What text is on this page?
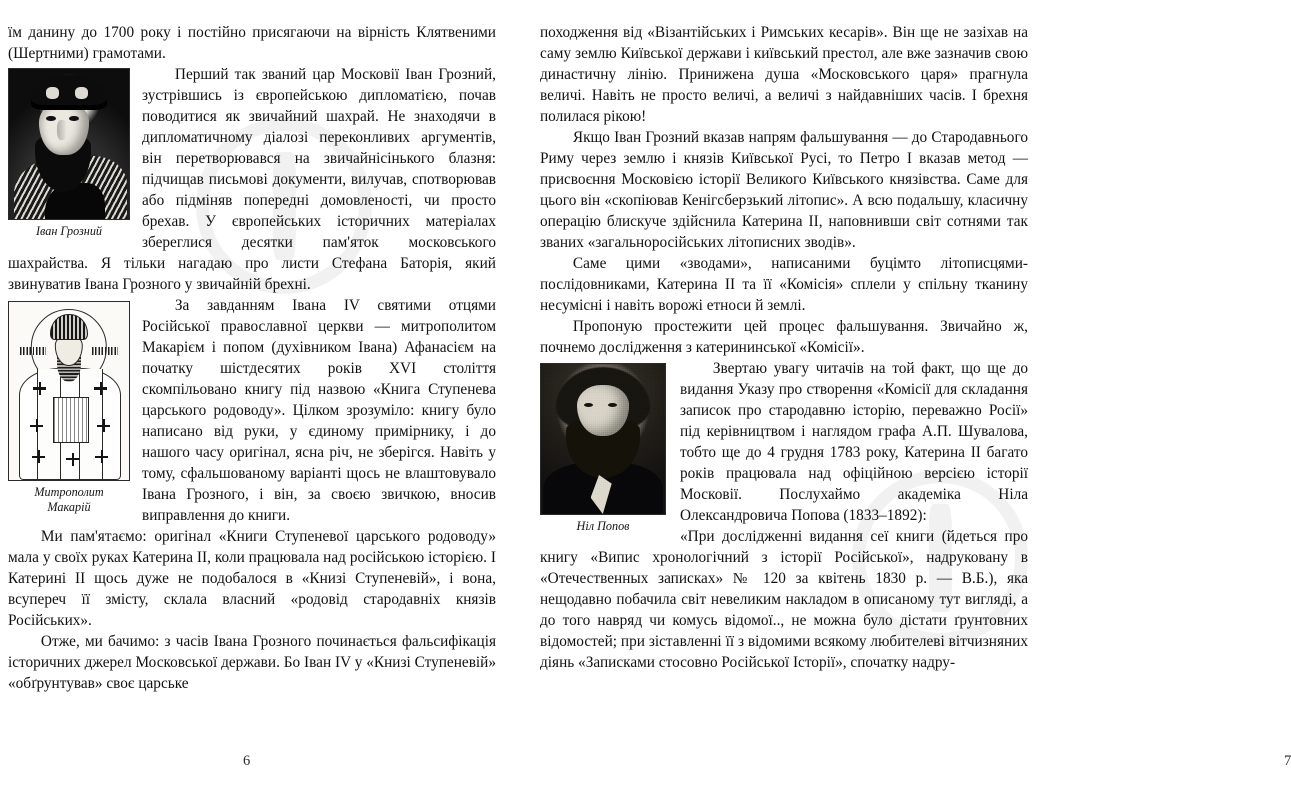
їм данину до 1700 року і постійно присягаючи на вірність Клятвеними (Шертними) грамотами.

Іван Грозний

Перший так званий цар Московії Іван Грозний, зустрівшись із європейською дипломатією, почав поводитися як звичайний шахрай. Не знаходячи в дипломатичному діалозі переконливих аргументів, він перетворювався на звичайнісінького блазня: підчищав письмові документи, вилучав, спотворював або підміняв попередні домовленості, чи просто брехав. У європейських історичних матеріалах збереглися десятки пам'яток московського шахрайства. Я тільки нагадаю про листи Стефана Баторія, який звинуватив Івана Грозного у звичайній брехні.

Митрополит
Макарій

За завданням Івана IV святими отцями Російської православної церкви — митрополитом Макарієм і попом (духівником Івана) Афанасієм на початку шістдесятих років XVI століття скомпільовано книгу під назвою «Книга Ступенева царського родоводу». Цілком зрозуміло: книгу було написано від руки, у єдиному примірнику, і до нашого часу оригінал, ясна річ, не зберігся. Навіть у тому, сфальшованому варіанті щось не влаштовувало Івана Грозного, і він, за своєю звичкою, вносив виправлення до книги.

Ми пам'ятаємо: оригінал «Книги Ступеневої царського родоводу» мала у своїх руках Катерина II, коли працювала над російською історією. І Катерині II щось дуже не подобалося в «Книзі Ступеневій», і вона, всупереч її змісту, склала власний «родовід стародавніх князів Російських».

Отже, ми бачимо: з часів Івана Грозного починається фальсифікація історичних джерел Московської держави. Бо Іван IV у «Книзі Ступеневій» «обґрунтував» своє царське

6

походження від «Візантійських і Римських кесарів». Він ще не зазіхав на саму землю Київської держави і київський престол, але вже зазначив свою династичну лінію. Принижена душа «Московського царя» прагнула величі. Навіть не просто величі, а величі з найдавніших часів. І брехня полилася рікою!

Якщо Іван Грозний вказав напрям фальшування — до Стародавнього Риму через землю і князів Київської Русі, то Петро I вказав метод — присвоєння Московією історії Великого Київського князівства. Саме для цього він «скопіював Кенігсберзький літопис». А всю подальшу, класичну операцію блискуче здійснила Катерина II, наповнивши світ сотнями так званих «загальноросійських літописних зводів».

Саме цими «зводами», написаними буцімто літописцями-послідовниками, Катерина II та її «Комісія» сплели у спільну тканину несумісні і навіть ворожі етноси й землі.

Пропоную простежити цей процес фальшування. Звичайно ж, почнемо дослідження з катерининської «Комісії».

Ніл Попов

Звертаю увагу читачів на той факт, що ще до видання Указу про створення «Комісії для складання записок про стародавню історію, переважно Росії» під керівництвом і наглядом графа А.П. Шувалова, тобто ще до 4 грудня 1783 року, Катерина II багато років працювала над офіційною версією історії Московії. Послухаймо академіка Ніла Олександровича Попова (1833–1892):

«При дослідженні видання сеї книги (йдеться про книгу «Випис хронологічний з історії Російської», надруковану в «Отечественных записках» № 120 за квітень 1830 р. — В.Б.), яка нещодавно побачила світ невеликим накладом в описаному тут вигляді, а до того навряд чи комусь відомої.., не можна було дістати ґрунтовних відомостей; при зіставленні її з відомими всякому любителеві вітчизняних діянь «Записками стосовно Російської Історії», спочатку надру-

7
